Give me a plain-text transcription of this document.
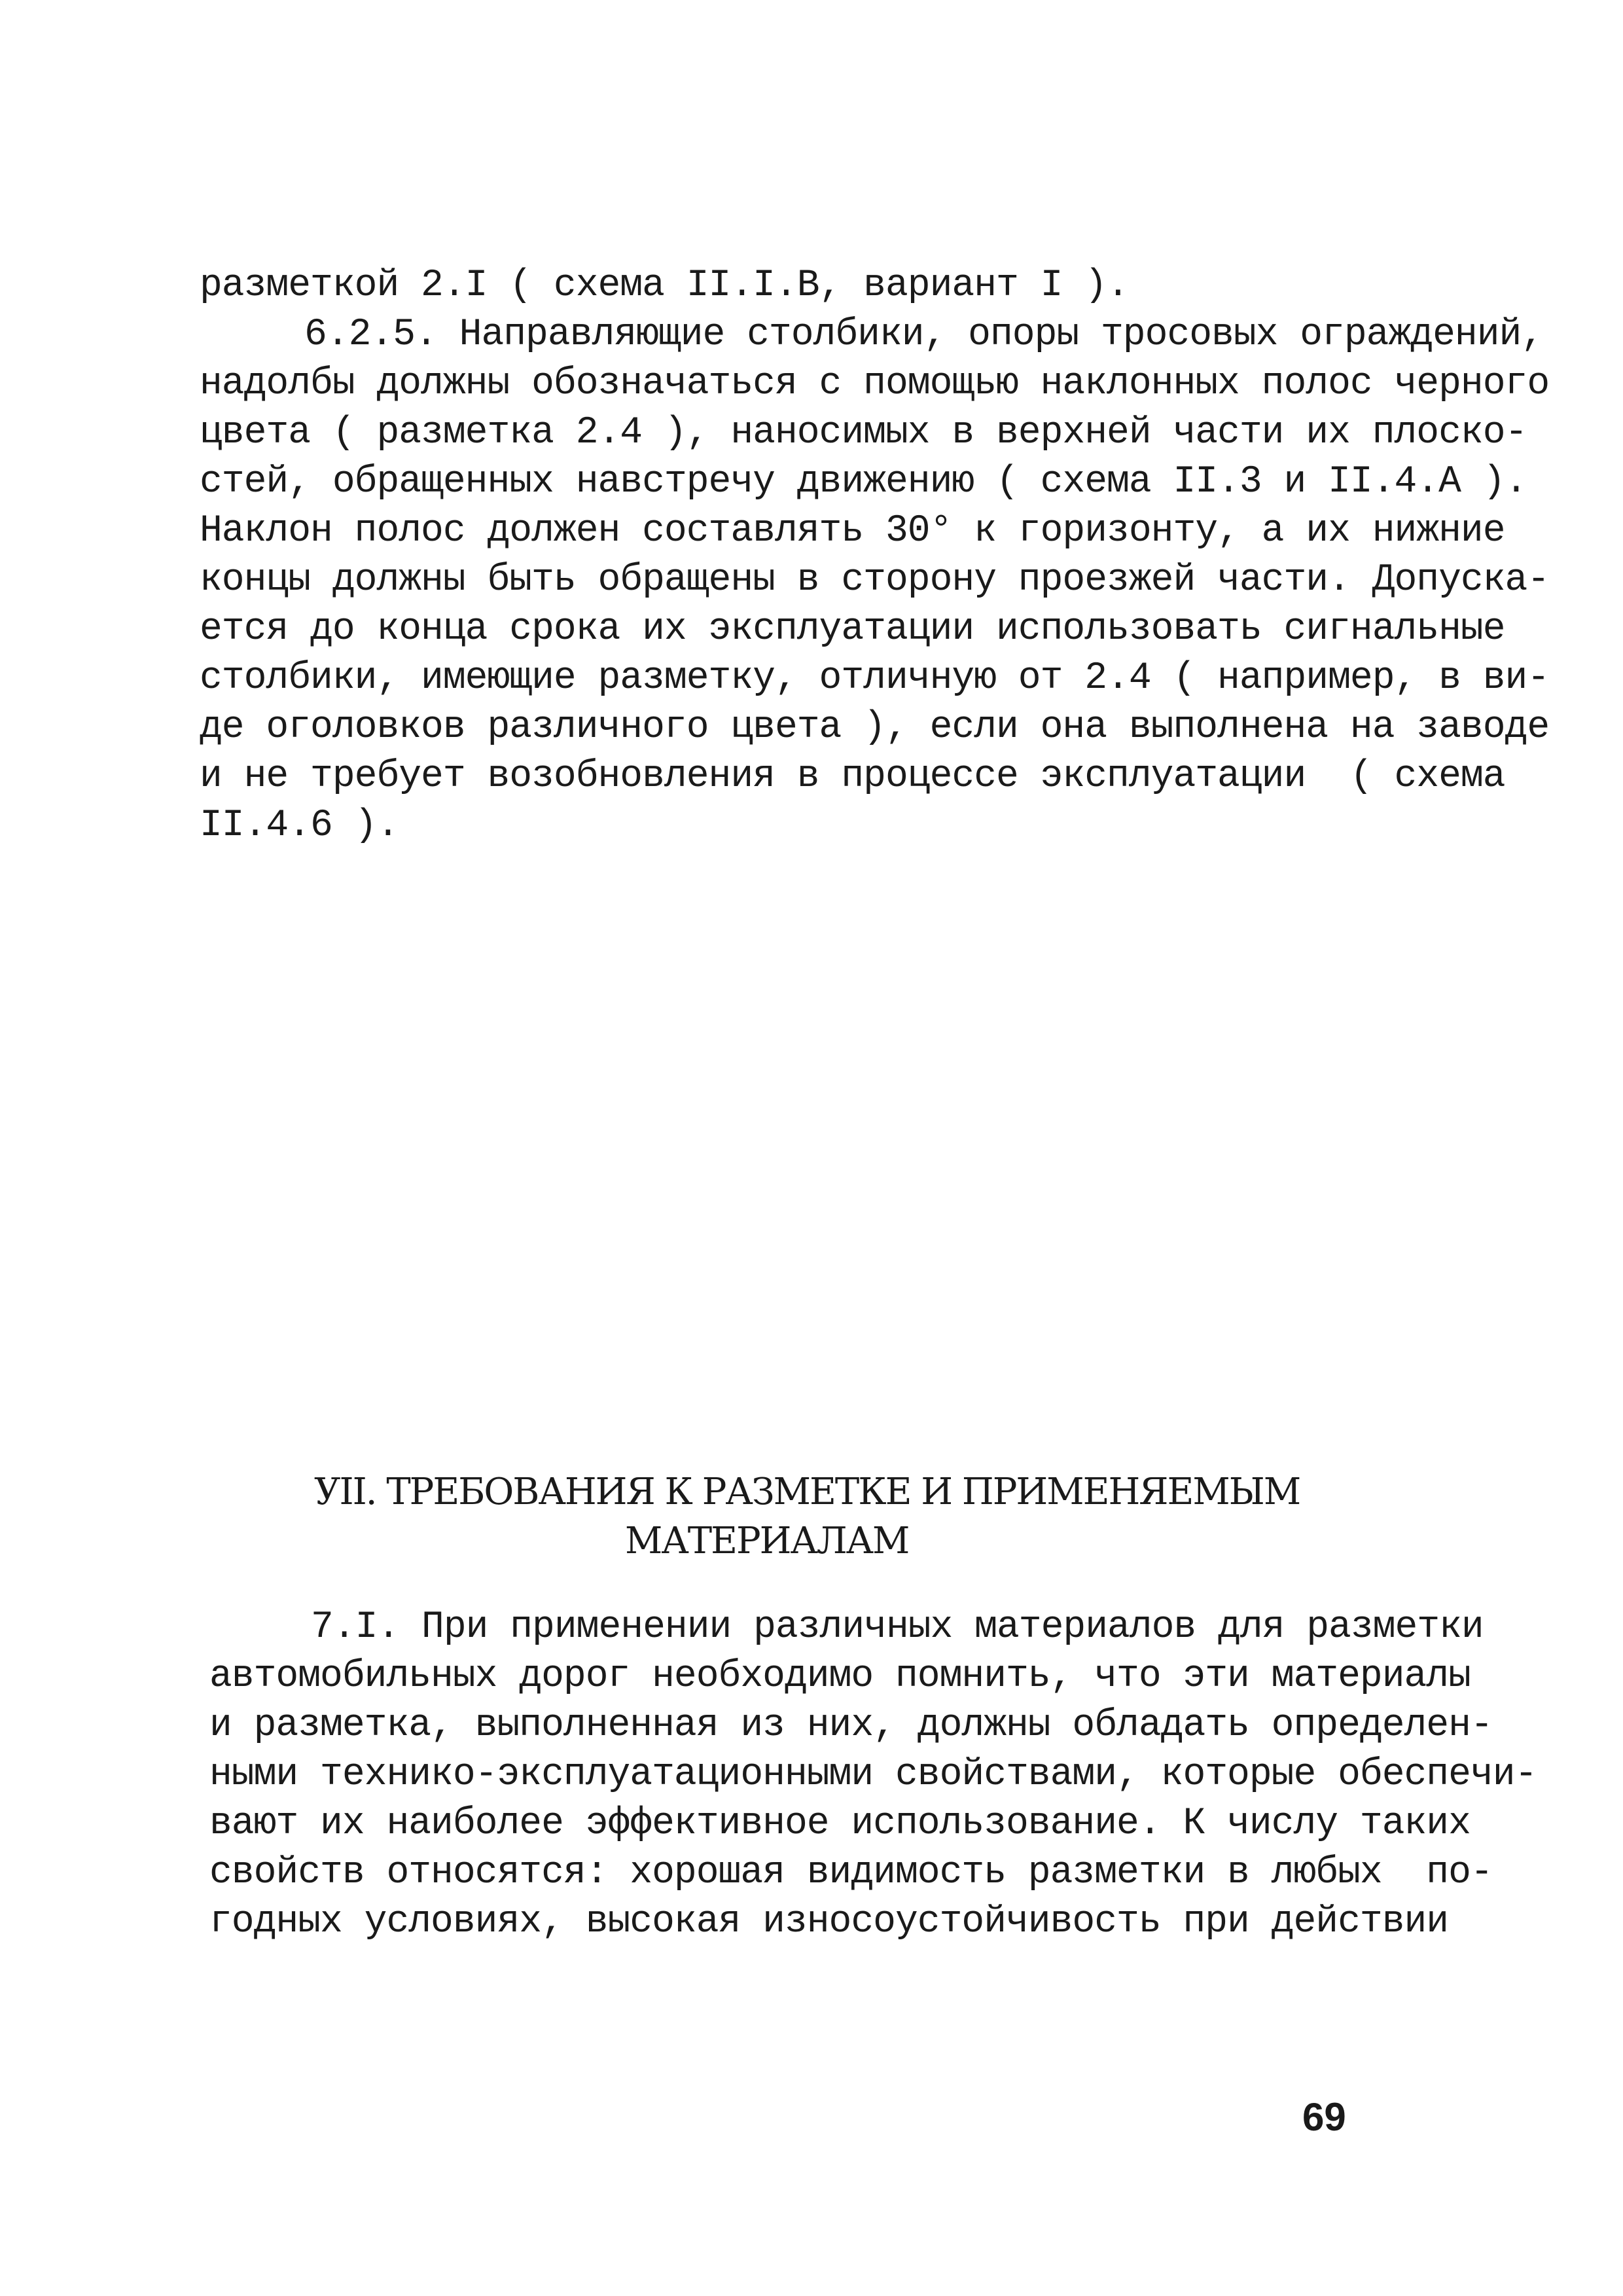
разметкой 2.I ( схема II.I.В, вариант I ).
6.2.5. Направляющие столбики, опоры тросовых ограждений,
надолбы должны обозначаться с помощью наклонных полос черного
цвета ( разметка 2.4 ), наносимых в верхней части их плоско-
стей, обращенных навстречу движению ( схема II.3 и II.4.А ).
Наклон полос должен составлять 30° к горизонту, а их нижние
концы должны быть обращены в сторону проезжей части. Допуска-
ется до конца срока их эксплуатации использовать сигнальные
столбики, имеющие разметку, отличную от 2.4 ( например, в ви-
де оголовков различного цвета ), если она выполнена на заводе
и не требует возобновления в процессе эксплуатации  ( схема
II.4.6 ).
УII. ТРЕБОВАНИЯ К РАЗМЕТКЕ И ПРИМЕНЯЕМЫМ
МАТЕРИАЛАМ
7.I. При применении различных материалов для разметки
автомобильных дорог необходимо помнить, что эти материалы
и разметка, выполненная из них, должны обладать определен-
ными технико-эксплуатационными свойствами, которые обеспечи-
вают их наиболее эффективное использование. К числу таких
свойств относятся: хорошая видимость разметки в любых  по-
годных условиях, высокая износоустойчивость при действии
69
